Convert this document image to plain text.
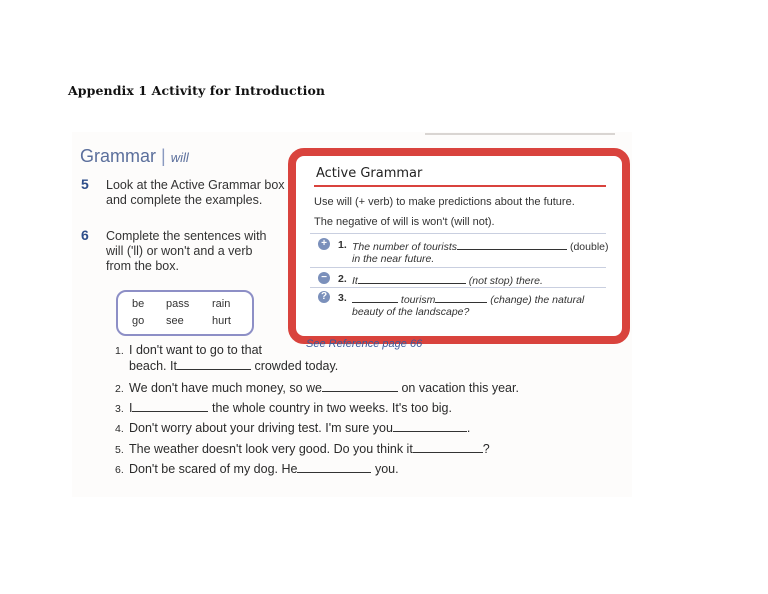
Appendix 1 Activity for Introduction
Grammar | will
5 Look at the Active Grammar box
and complete the examples.
6 Complete the sentences with
will ('ll) or won't and a verb
from the box.
be pass rain
go see	hurt
Active Grammar
Use will (+ verb) to make predictions about the future.
The negative of will is won't (will not).
+ 1. The number of tourists	(double)
in the near future.
− 2. It	(not stop) there.
? 3.	tourism	(change) the natural
beauty of the landscape?
See Reference page 66
1. I don't want to go to that
beach. It	crowded today.
2. We don't have much money, so we	on vacation this year.
3. I	the whole country in two weeks. It's too big.
4. Don't worry about your driving test. I'm sure you	.
5. The weather doesn't look very good. Do you think it	?
6. Don't be scared of my dog. He	you.
